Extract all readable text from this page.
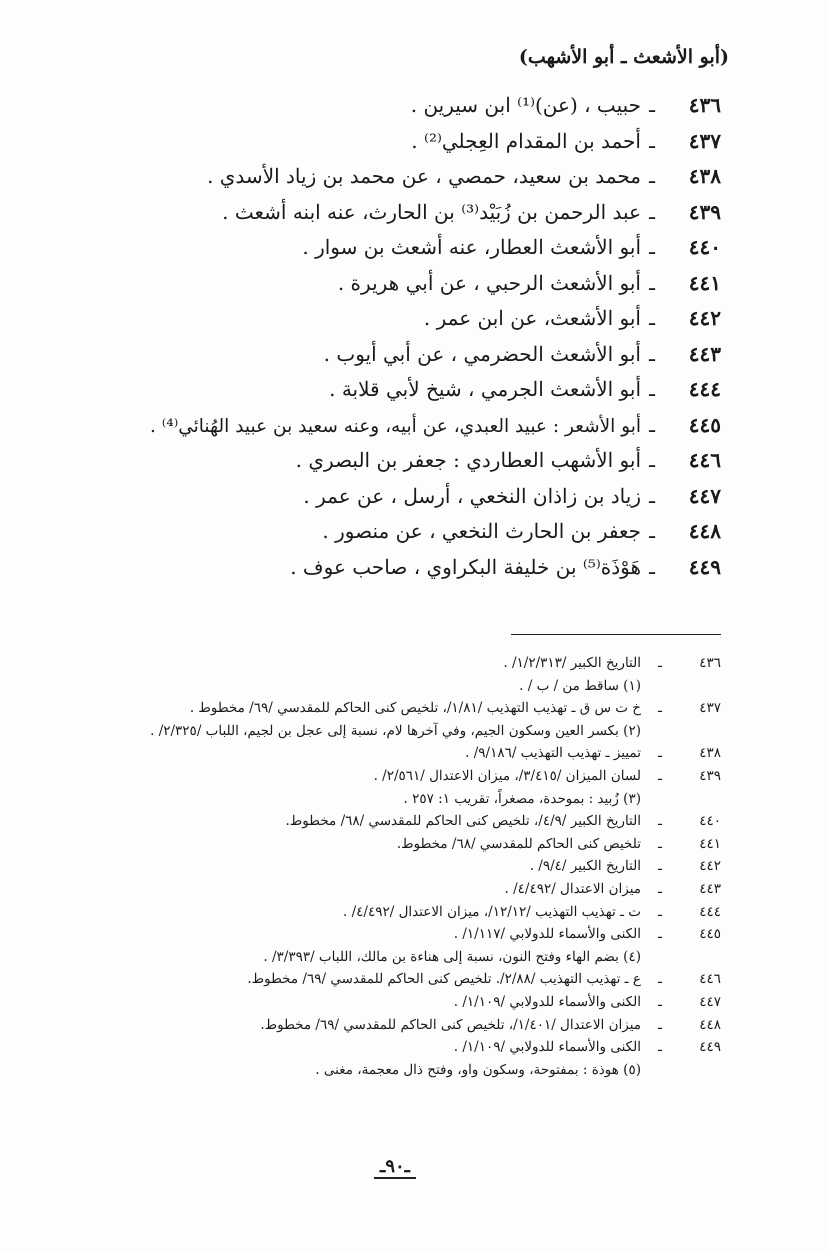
(أبو الأشعث ـ أبو الأشهب)
٤٣٦
ـ
حبيب ، (عن)⁽¹⁾ ابن سيرين .
٤٣٧
ـ
أحمد بن المقدام العِجلي⁽²⁾ .
٤٣٨
ـ
محمد بن سعيد، حمصي ، عن محمد بن زياد الأسدي .
٤٣٩
ـ
عبد الرحمن بن زُبَيْد⁽³⁾ بن الحارث، عنه ابنه أشعث .
٤٤٠
ـ
أبو الأشعث العطار، عنه أشعث بن سوار .
٤٤١
ـ
أبو الأشعث الرحبي ، عن أبي هريرة .
٤٤٢
ـ
أبو الأشعث، عن ابن عمر .
٤٤٣
ـ
أبو الأشعث الحضرمي ، عن أبي أيوب .
٤٤٤
ـ
أبو الأشعث الجرمي ، شيخ لأبي قلابة .
٤٤٥
ـ
أبو الأشعر : عبيد العبدي، عن أبيه، وعنه سعيد بن عبيد الهُنائي⁽⁴⁾ .
٤٤٦
ـ
أبو الأشهب العطاردي : جعفر بن البصري .
٤٤٧
ـ
زياد بن زاذان النخعي ، أرسل ، عن عمر .
٤٤٨
ـ
جعفر بن الحارث النخعي ، عن منصور .
٤٤٩
ـ
هَوْذَة⁽⁵⁾ بن خليفة البكراوي ، صاحب عوف .
٤٣٦
ـ
التاريخ الكبير /١/٢/٣١٣/ .
(١) ساقط من / ب / .
٤٣٧
ـ
خ ت س ق ـ تهذيب التهذيب /١/٨١/، تلخيص كنى الحاكم للمقدسي /٦٩/ مخطوط .
(٢) بكسر العين وسكون الجيم، وفي آخرها لام، نسبة إلى عجل بن لجيم، اللباب /٢/٣٢٥/ .
٤٣٨
ـ
تمييز ـ تهذيب التهذيب /٩/١٨٦/ .
٤٣٩
ـ
لسان الميزان /٣/٤١٥/، ميزان الاعتدال /٢/٥٦١/ .
(٣) زُبيد : بموحدة، مصغراً، تقريب ١: ٢٥٧ .
٤٤٠
ـ
التاريخ الكبير /٤/٩/، تلخيص كنى الحاكم للمقدسي /٦٨/ مخطوط.
٤٤١
ـ
تلخيص كنى الحاكم للمقدسي /٦٨/ مخطوط.
٤٤٢
ـ
التاريخ الكبير /٩/٤/ .
٤٤٣
ـ
ميزان الاعتدال /٤/٤٩٢/ .
٤٤٤
ـ
ت ـ تهذيب التهذيب /١٢/١٢/، ميزان الاعتدال /٤/٤٩٢/ .
٤٤٥
ـ
الكنى والأسماء للدولابي /١/١١٧/ .
(٤) بضم الهاء وفتح النون، نسبة إلى هناءة بن مالك، اللباب /٣/٣٩٣/ .
٤٤٦
ـ
ع ـ تهذيب التهذيب /٢/٨٨/. تلخيص كنى الحاكم للمقدسي /٦٩/ مخطوط.
٤٤٧
ـ
الكنى والأسماء للدولابي /١/١٠٩/ .
٤٤٨
ـ
ميزان الاعتدال /١/٤٠١/، تلخيص كنى الحاكم للمقدسي /٦٩/ مخطوط.
٤٤٩
ـ
الكنى والأسماء للدولابي /١/١٠٩/ .
(٥) هوذة : بمفتوحة، وسكون واو، وفتح ذال معجمة، مغنى .
ـ٩٠ـ
